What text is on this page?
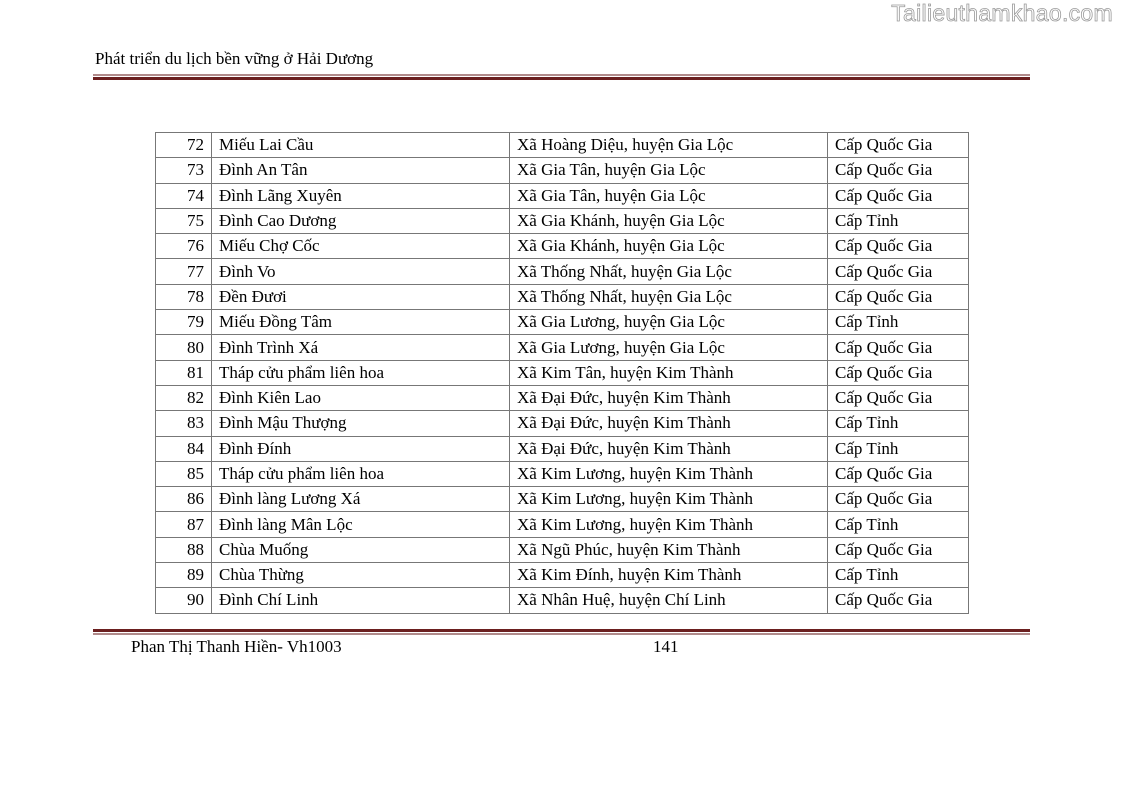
Tailieuthamkhao.com
Phát triển du lịch bền vững ở Hải Dương
72	Miếu Lai Cầu	Xã Hoàng Diệu, huyện Gia Lộc	Cấp Quốc Gia
73	Đình An Tân	Xã Gia Tân, huyện Gia Lộc	Cấp Quốc Gia
74	Đình Lãng Xuyên	Xã Gia Tân, huyện Gia Lộc	Cấp Quốc Gia
75	Đình Cao Dương	Xã Gia Khánh, huyện Gia Lộc	Cấp Tỉnh
76	Miếu Chợ Cốc	Xã Gia Khánh, huyện Gia Lộc	Cấp Quốc Gia
77	Đình Vo	Xã Thống Nhất, huyện Gia Lộc	Cấp Quốc Gia
78	Đền Đươi	Xã Thống Nhất, huyện Gia Lộc	Cấp Quốc Gia
79	Miếu Đồng Tâm	Xã Gia Lương, huyện Gia Lộc	Cấp Tỉnh
80	Đình Trình Xá	Xã Gia Lương, huyện Gia Lộc	Cấp Quốc Gia
81	Tháp cửu phẩm liên hoa	Xã Kim Tân, huyện Kim Thành	Cấp Quốc Gia
82	Đình Kiên Lao	Xã Đại Đức, huyện Kim Thành	Cấp Quốc Gia
83	Đình Mậu Thượng	Xã Đại Đức, huyện Kim Thành	Cấp Tỉnh
84	Đình Đính	Xã Đại Đức, huyện Kim Thành	Cấp Tỉnh
85	Tháp cửu phẩm liên hoa	Xã Kim Lương, huyện Kim Thành	Cấp Quốc Gia
86	Đình làng Lương Xá	Xã Kim Lương, huyện Kim Thành	Cấp Quốc Gia
87	Đình làng Mân Lộc	Xã Kim Lương, huyện Kim Thành	Cấp Tỉnh
88	Chùa Muống	Xã Ngũ Phúc, huyện Kim Thành	Cấp Quốc Gia
89	Chùa Thừng	Xã Kim Đính, huyện Kim Thành	Cấp Tỉnh
90	Đình Chí Linh	Xã Nhân Huệ, huyện Chí Linh	Cấp Quốc Gia
Phan Thị Thanh Hiền- Vh1003	141
